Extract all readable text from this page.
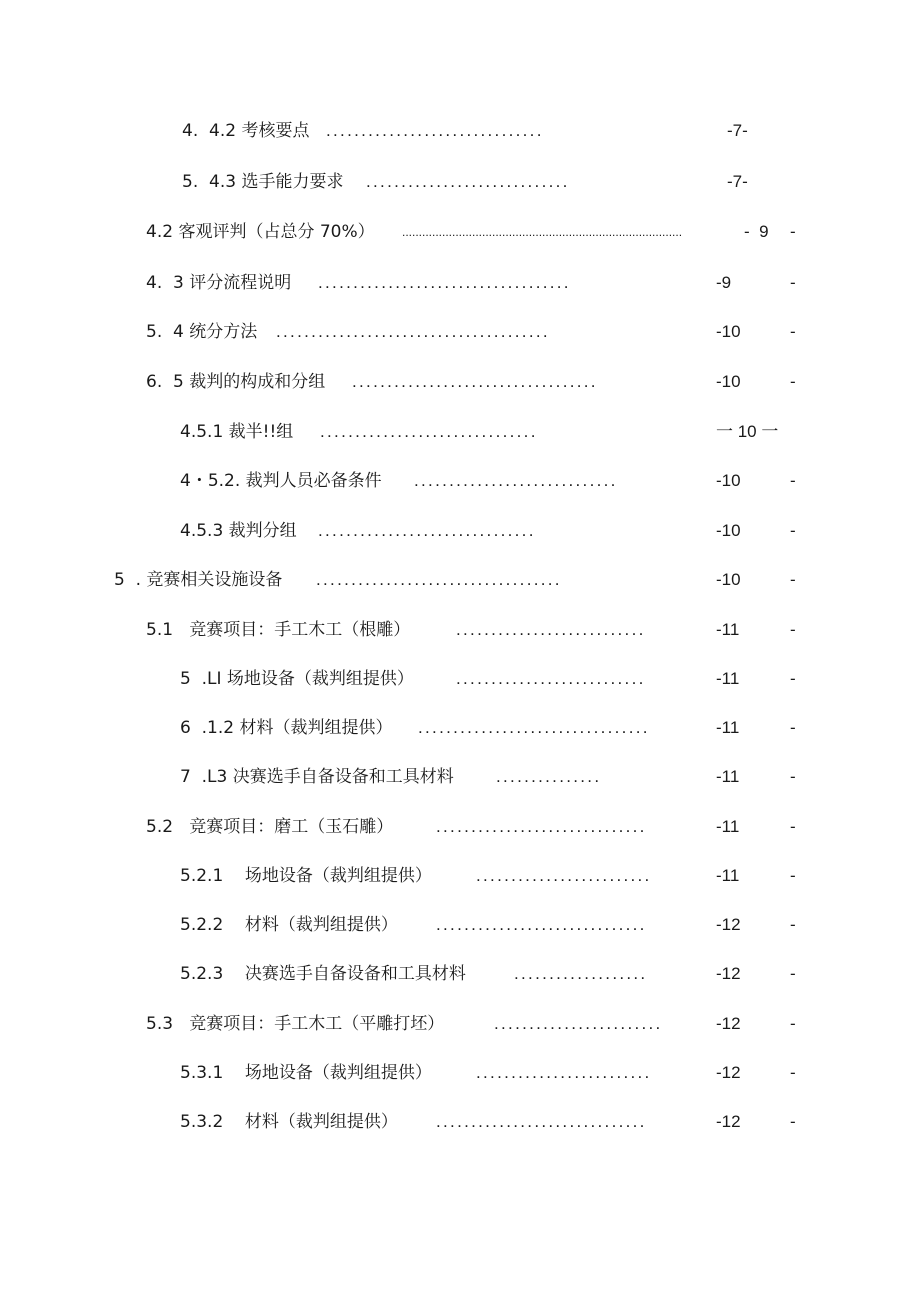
4.  4.2 考核要点 ...............................	-7-
5.  4.3 选手能力要求 .............................	-7-
4.2 客观评判（占总分 70%） ....................................................................................	-  9 -
4.  3 评分流程说明 ....................................	-9	-
5.  4 统分方法 .......................................	-10	-
6.  5 裁判的构成和分组 ...................................	-10	-
4.5.1 裁半!!组 ...............................	一 10 一
4・5.2. 裁判人员必备条件 .............................	-10	-
4.5.3 裁判分组 ...............................	-10	-
5  . 竞赛相关设施设备 ...................................	-10	-
5.1   竞赛项目：手工木工（根雕）	...........................	-11	-
5  .LI 场地设备（裁判组提供） ...........................	-11	-
6  .1.2 材料（裁判组提供） .................................	-11	-
7  .L3 决赛选手自备设备和工具材料 ...............	-11	-
5.2   竞赛项目：磨工（玉石雕）	..............................	-11	-
5.2.1    场地设备（裁判组提供）	.........................	-11	-
5.2.2    材料（裁判组提供） ..............................	-12	-
5.2.3    决赛选手自备设备和工具材料	...................	-12	-
5.3   竞赛项目：手工木工（平雕打坯）	........................	-12	-
5.3.1    场地设备（裁判组提供）	.........................	-12	-
5.3.2    材料（裁判组提供） ..............................	-12	-
